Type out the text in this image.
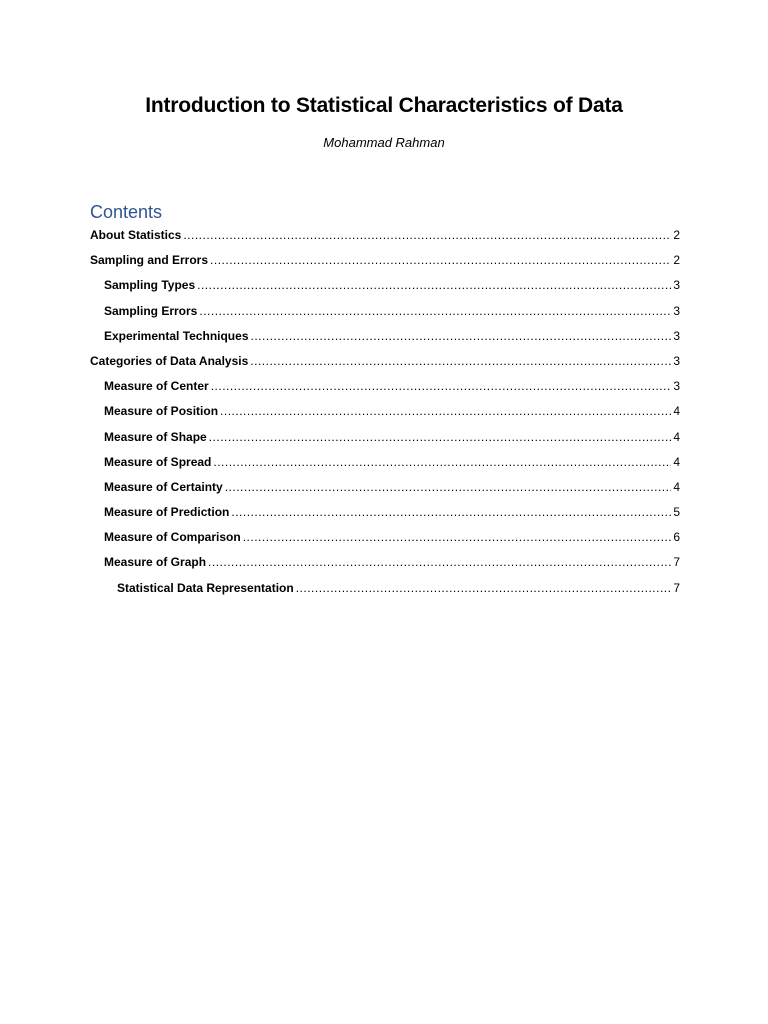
Introduction to Statistical Characteristics of Data
Mohammad Rahman
Contents
About Statistics .....	2
Sampling and Errors .....	2
Sampling Types .....	3
Sampling Errors .....	3
Experimental Techniques .....	3
Categories of Data Analysis .....	3
Measure of Center .....	3
Measure of Position .....	4
Measure of Shape .....	4
Measure of Spread .....	4
Measure of Certainty .....	4
Measure of Prediction .....	5
Measure of Comparison .....	6
Measure of Graph .....	7
Statistical Data Representation .....	7
